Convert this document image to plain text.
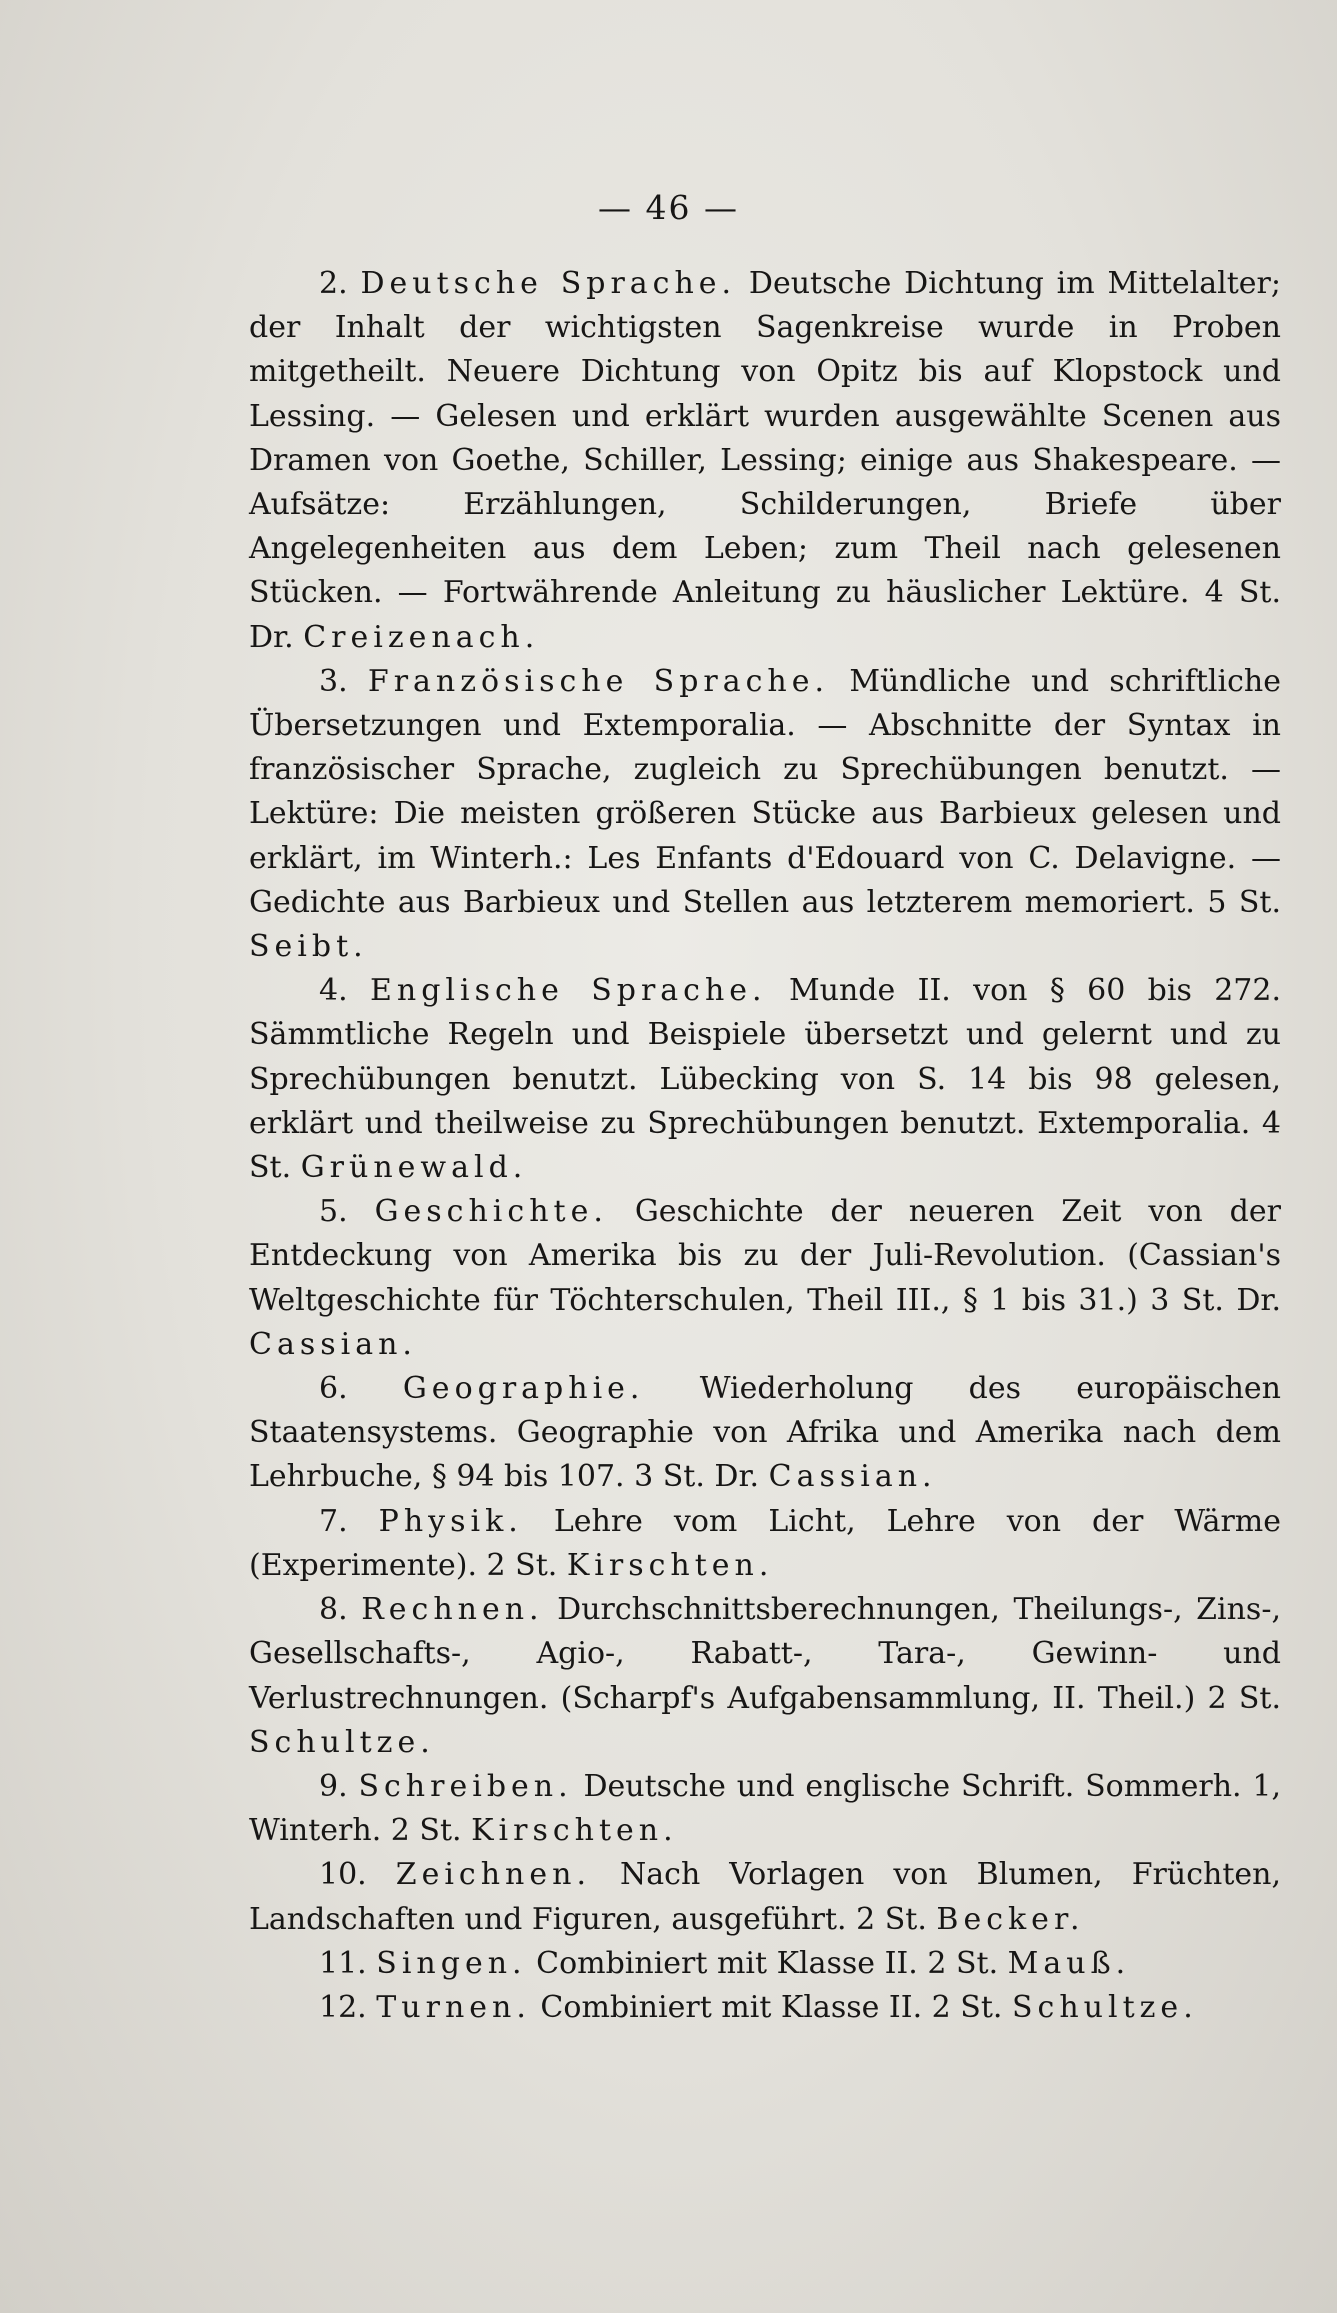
— 46 —

2. Deutsche Sprache. Deutsche Dichtung im Mittelalter; der Inhalt der wichtigsten Sagenkreise wurde in Proben mitgetheilt. Neuere Dichtung von Opitz bis auf Klopstock und Lessing. — Gelesen und erklärt wurden ausgewählte Scenen aus Dramen von Goethe, Schiller, Lessing; einige aus Shakespeare. — Aufsätze: Erzählungen, Schilderungen, Briefe über Angelegenheiten aus dem Leben; zum Theil nach gelesenen Stücken. — Fortwährende Anleitung zu häuslicher Lektüre. 4 St. Dr. Creizenach.

3. Französische Sprache. Mündliche und schriftliche Übersetzungen und Extemporalia. — Abschnitte der Syntax in französischer Sprache, zugleich zu Sprechübungen benutzt. — Lektüre: Die meisten größeren Stücke aus Barbieux gelesen und erklärt, im Winterh.: Les Enfants d'Edouard von C. Delavigne. — Gedichte aus Barbieux und Stellen aus letzterem memoriert. 5 St. Seibt.

4. Englische Sprache. Munde II. von § 60 bis 272. Sämmtliche Regeln und Beispiele übersetzt und gelernt und zu Sprechübungen benutzt. Lübecking von S. 14 bis 98 gelesen, erklärt und theilweise zu Sprechübungen benutzt. Extemporalia. 4 St. Grünewald.

5. Geschichte. Geschichte der neueren Zeit von der Entdeckung von Amerika bis zu der Juli-Revolution. (Cassian's Weltgeschichte für Töchterschulen, Theil III., § 1 bis 31.) 3 St. Dr. Cassian.

6. Geographie. Wiederholung des europäischen Staatensystems. Geographie von Afrika und Amerika nach dem Lehrbuche, § 94 bis 107. 3 St. Dr. Cassian.

7. Physik. Lehre vom Licht, Lehre von der Wärme (Experimente). 2 St. Kirschten.

8. Rechnen. Durchschnittsberechnungen, Theilungs-, Zins-, Gesellschafts-, Agio-, Rabatt-, Tara-, Gewinn- und Verlustrechnungen. (Scharpf's Aufgabensammlung, II. Theil.) 2 St. Schultze.

9. Schreiben. Deutsche und englische Schrift. Sommerh. 1, Winterh. 2 St. Kirschten.

10. Zeichnen. Nach Vorlagen von Blumen, Früchten, Landschaften und Figuren, ausgeführt. 2 St. Becker.

11. Singen. Combiniert mit Klasse II. 2 St. Mauß.

12. Turnen. Combiniert mit Klasse II. 2 St. Schultze.
